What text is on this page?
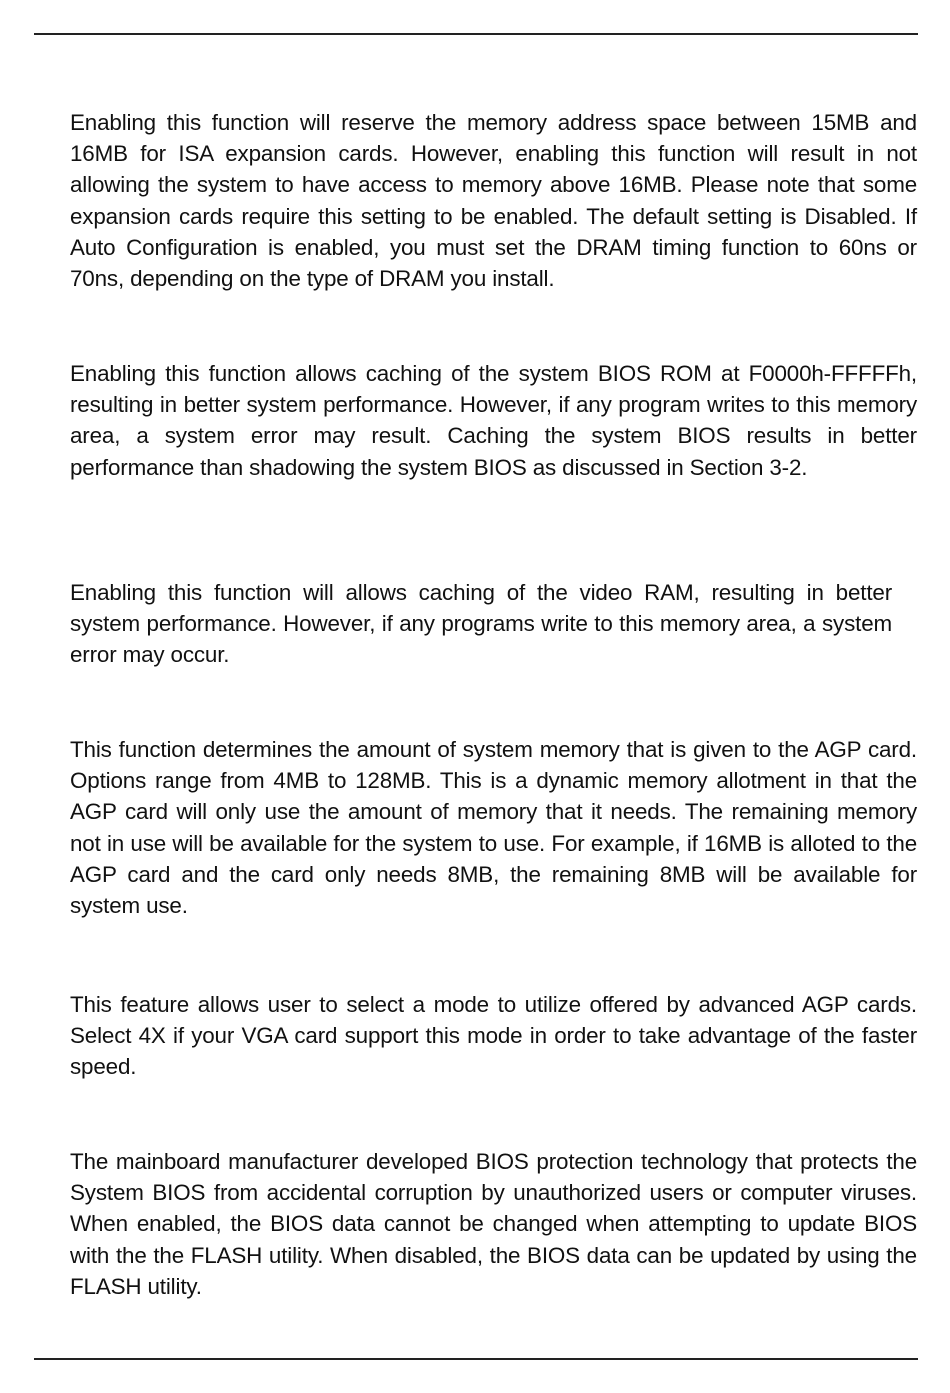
Enabling this function will reserve the memory address space between 15MB and 16MB for ISA expansion cards. However, enabling this function will result in not allowing the system to have access to memory above 16MB. Please note that some expansion cards require this setting to be enabled. The default setting is Disabled. If Auto Configuration is enabled, you must set the DRAM timing function to 60ns or 70ns, depending on the type of DRAM you install.

Enabling this function allows caching of the system BIOS ROM at F0000h-FFFFFh, resulting in better system performance. However, if any program writes to this memory area, a system error may result. Caching the system BIOS results in better performance than shadowing the system BIOS as discussed in Section 3-2.

Enabling this function will allows caching of the video RAM, resulting in better system performance. However, if any programs write to this memory area, a system error may occur.

This function determines the amount of system memory that is given to the AGP card. Options range from 4MB to 128MB. This is a dynamic memory allotment in that the AGP card will only use the amount of memory that it needs. The remaining memory not in use will be available for the system to use. For example, if 16MB is alloted to the AGP card and the card only needs 8MB, the remaining 8MB will be available for system use.

This feature allows user to select a mode to utilize offered by advanced AGP cards. Select 4X if your VGA card support this mode in order to take advantage of the faster speed.

The mainboard manufacturer developed BIOS protection technology that protects the System BIOS from accidental corruption by unauthorized users or computer viruses. When enabled, the BIOS data cannot be changed when attempting to update BIOS with the the FLASH utility. When disabled, the BIOS data can be updated by using the FLASH utility.
